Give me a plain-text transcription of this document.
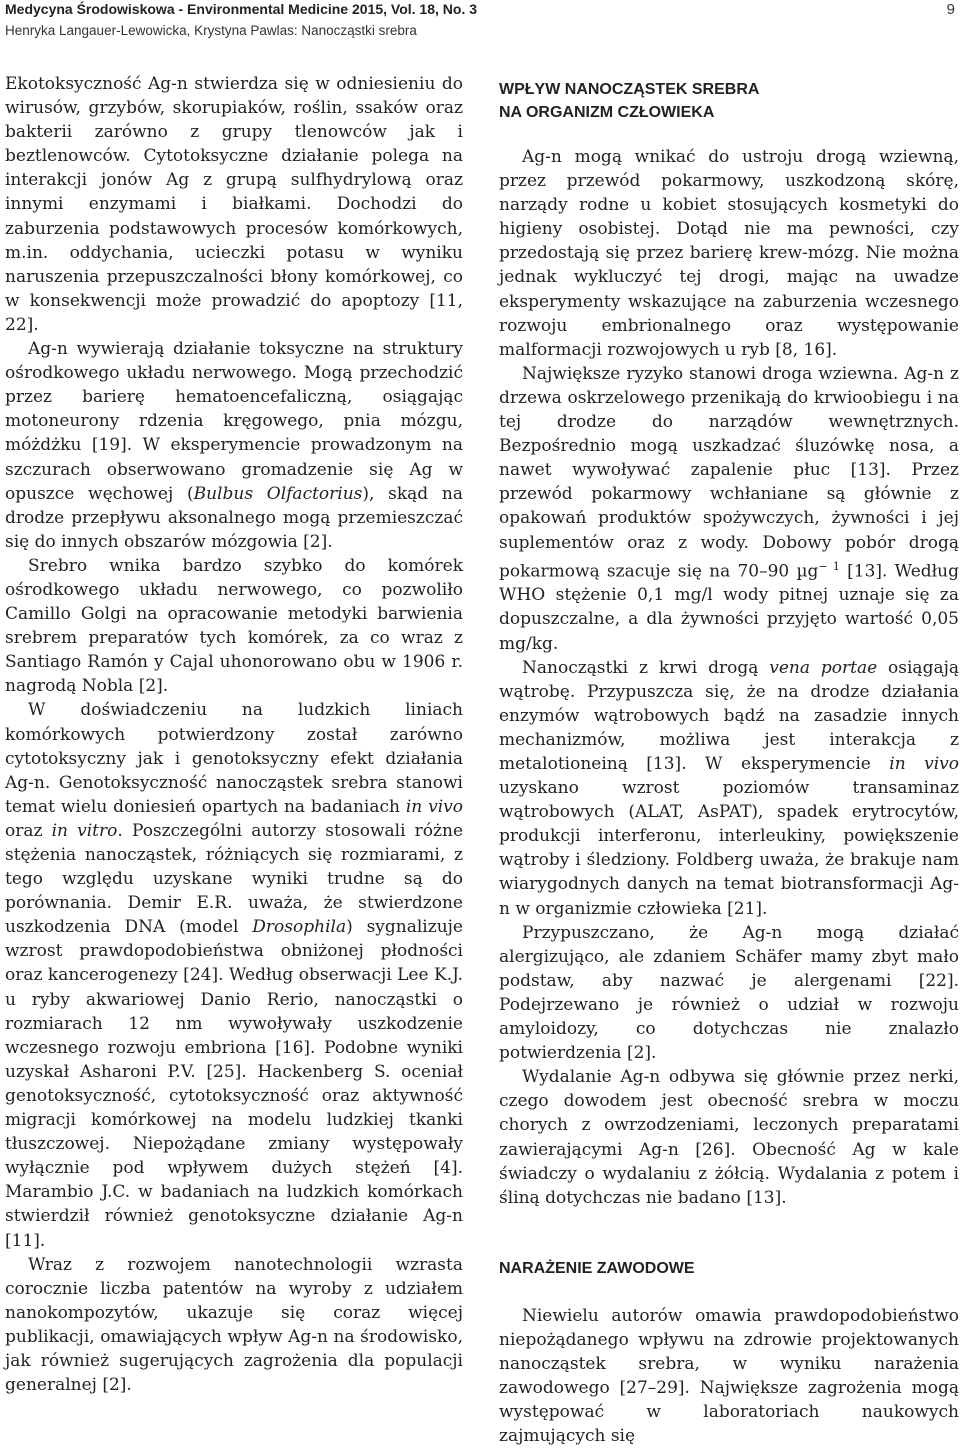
Medycyna Środowiskowa - Environmental Medicine 2015, Vol. 18, No. 3
Henryka Langauer-Lewowicka, Krystyna Pawlas: Nanocząstki srebra
9

Ekotoksyczność Ag-n stwierdza się w odniesieniu do wirusów, grzybów, skorupiaków, roślin, ssaków oraz bakterii zarówno z grupy tlenowców jak i beztlenowców. Cytotoksyczne działanie polega na interakcji jonów Ag z grupą sulfhydrylową oraz innymi enzymami i białkami. Dochodzi do zaburzenia podstawowych procesów komórkowych, m.in. oddychania, ucieczki potasu w wyniku naruszenia przepuszczalności błony komórkowej, co w konsekwencji może prowadzić do apoptozy [11, 22].

Ag-n wywierają działanie toksyczne na struktury ośrodkowego układu nerwowego. Mogą przechodzić przez barierę hematoencefaliczną, osiągając motoneurony rdzenia kręgowego, pnia mózgu, móżdżku [19]. W eksperymencie prowadzonym na szczurach obserwowano gromadzenie się Ag w opuszce węchowej (Bulbus Olfactorius), skąd na drodze przepływu aksonalnego mogą przemieszczać się do innych obszarów mózgowia [2].

Srebro wnika bardzo szybko do komórek ośrodkowego układu nerwowego, co pozwoliło Camillo Golgi na opracowanie metodyki barwienia srebrem preparatów tych komórek, za co wraz z Santiago Ramón y Cajal uhonorowano obu w 1906 r. nagrodą Nobla [2].

W doświadczeniu na ludzkich liniach komórkowych potwierdzony został zarówno cytotoksyczny jak i genotoksyczny efekt działania Ag-n. Genotoksyczność nanocząstek srebra stanowi temat wielu doniesień opartych na badaniach in vivo oraz in vitro. Poszczególni autorzy stosowali różne stężenia nanocząstek, różniących się rozmiarami, z tego względu uzyskane wyniki trudne są do porównania. Demir E.R. uważa, że stwierdzone uszkodzenia DNA (model Drosophila) sygnalizuje wzrost prawdopodobieństwa obniżonej płodności oraz kancerogenezy [24]. Według obserwacji Lee K.J. u ryby akwariowej Danio Rerio, nanocząstki o rozmiarach 12 nm wywoływały uszkodzenie wczesnego rozwoju embriona [16]. Podobne wyniki uzyskał Asharoni P.V. [25]. Hackenberg S. oceniał genotoksyczność, cytotoksyczność oraz aktywność migracji komórkowej na modelu ludzkiej tkanki tłuszczowej. Niepożądane zmiany występowały wyłącznie pod wpływem dużych stężeń [4]. Marambio J.C. w badaniach na ludzkich komórkach stwierdził również genotoksyczne działanie Ag-n [11].

Wraz z rozwojem nanotechnologii wzrasta corocznie liczba patentów na wyroby z udziałem nanokompozytów, ukazuje się coraz więcej publikacji, omawiających wpływ Ag-n na środowisko, jak również sugerujących zagrożenia dla populacji generalnej [2].

WPŁYW NANOCZĄSTEK SREBRA
NA ORGANIZM CZŁOWIEKA

Ag-n mogą wnikać do ustroju drogą wziewną, przez przewód pokarmowy, uszkodzoną skórę, narządy rodne u kobiet stosujących kosmetyki do higieny osobistej. Dotąd nie ma pewności, czy przedostają się przez barierę krew-mózg. Nie można jednak wykluczyć tej drogi, mając na uwadze eksperymenty wskazujące na zaburzenia wczesnego rozwoju embrionalnego oraz występowanie malformacji rozwojowych u ryb [8, 16].

Największe ryzyko stanowi droga wziewna. Ag-n z drzewa oskrzelowego przenikają do krwioobiegu i na tej drodze do narządów wewnętrznych. Bezpośrednio mogą uszkadzać śluzówkę nosa, a nawet wywoływać zapalenie płuc [13]. Przez przewód pokarmowy wchłaniane są głównie z opakowań produktów spożywczych, żywności i jej suplementów oraz z wody. Dobowy pobór drogą pokarmową szacuje się na 70–90 µg$^{- 1}$ [13]. Według WHO stężenie 0,1 mg/l wody pitnej uznaje się za dopuszczalne, a dla żywności przyjęto wartość 0,05 mg/kg.

Nanocząstki z krwi drogą vena portae osiągają wątrobę. Przypuszcza się, że na drodze działania enzymów wątrobowych bądź na zasadzie innych mechanizmów, możliwa jest interakcja z metalotioneiną [13]. W eksperymencie in vivo uzyskano wzrost poziomów transaminaz wątrobowych (ALAT, AsPAT), spadek erytrocytów, produkcji interferonu, interleukiny, powiększenie wątroby i śledziony. Foldberg uważa, że brakuje nam wiarygodnych danych na temat biotransformacji Ag-n w organizmie człowieka [21].

Przypuszczano, że Ag-n mogą działać alergizująco, ale zdaniem Schäfer mamy zbyt mało podstaw, aby nazwać je alergenami [22]. Podejrzewano je również o udział w rozwoju amyloidozy, co dotychczas nie znalazło potwierdzenia [2].

Wydalanie Ag-n odbywa się głównie przez nerki, czego dowodem jest obecność srebra w moczu chorych z owrzodzeniami, leczonych preparatami zawierającymi Ag-n [26]. Obecność Ag w kale świadczy o wydalaniu z żółcią. Wydalania z potem i śliną dotychczas nie badano [13].

NARAŻENIE ZAWODOWE

Niewielu autorów omawia prawdopodobieństwo niepożądanego wpływu na zdrowie projektowanych nanocząstek srebra, w wyniku narażenia zawodowego [27–29]. Największe zagrożenia mogą występować w laboratoriach naukowych zajmujących się
